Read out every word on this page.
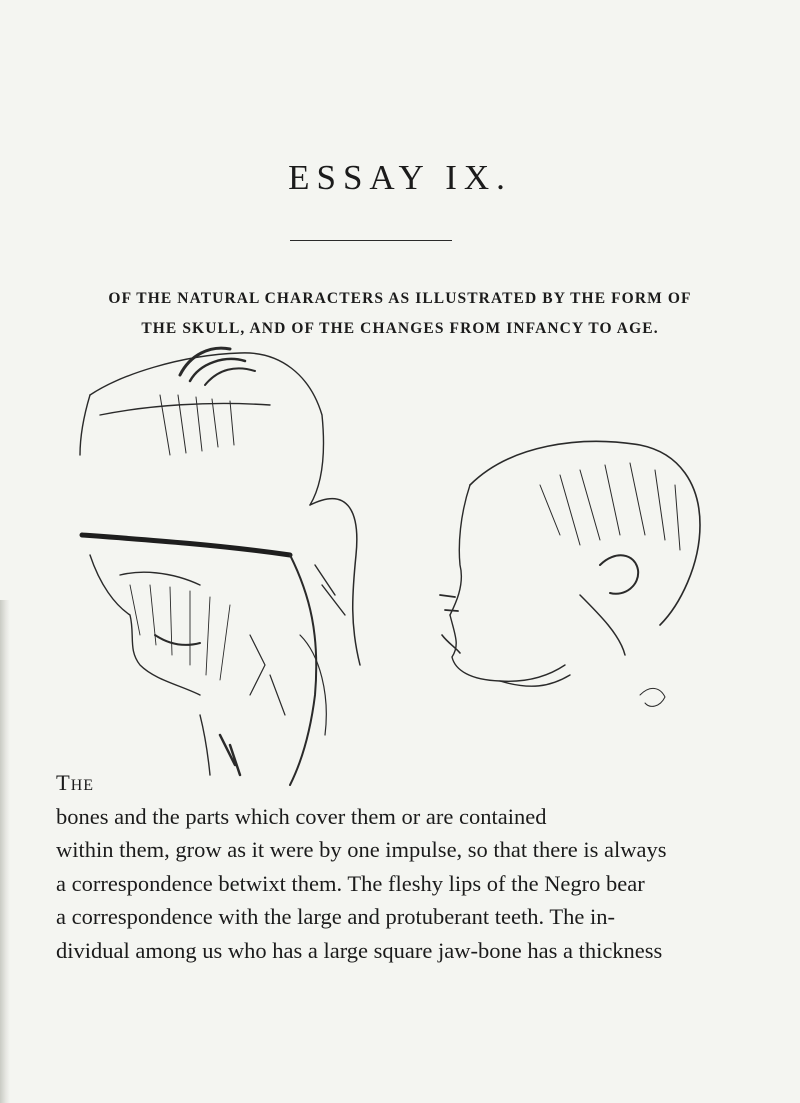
ESSAY IX.

OF THE NATURAL CHARACTERS AS ILLUSTRATED BY THE FORM OF
THE SKULL, AND OF THE CHANGES FROM INFANCY TO AGE.

The
bones and the parts which cover them or are contained
within them, grow as it were by one impulse, so that there is always
a correspondence betwixt them. The fleshy lips of the Negro bear
a correspondence with the large and protuberant teeth. The in-
dividual among us who has a large square jaw-bone has a thickness
